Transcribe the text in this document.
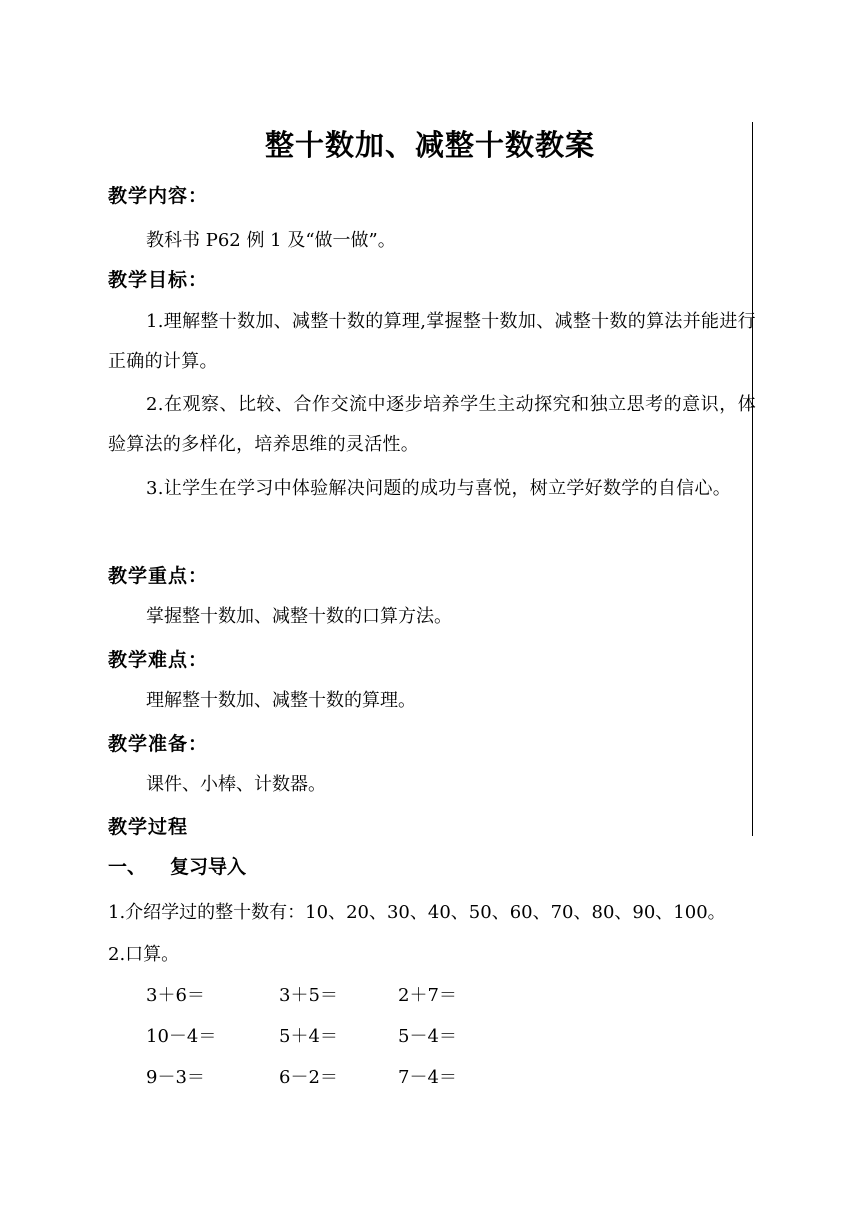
整十数加、减整十数教案
教学内容：
教科书 P62 例 1 及“做一做”。
教学目标：
1.理解整十数加、减整十数的算理,掌握整十数加、减整十数的算法并能进行正确的计算。
2.在观察、比较、合作交流中逐步培养学生主动探究和独立思考的意识，体验算法的多样化，培养思维的灵活性。
3.让学生在学习中体验解决问题的成功与喜悦，树立学好数学的自信心。
教学重点：
掌握整十数加、减整十数的口算方法。
教学难点：
理解整十数加、减整十数的算理。
教学准备：
课件、小棒、计数器。
教学过程
一、 复习导入
1.介绍学过的整十数有：10、20、30、40、50、60、70、80、90、100。
2.口算。
3＋6＝	3＋5＝	2＋7＝
10－4＝	5＋4＝	5－4＝
9－3＝	6－2＝	7－4＝
